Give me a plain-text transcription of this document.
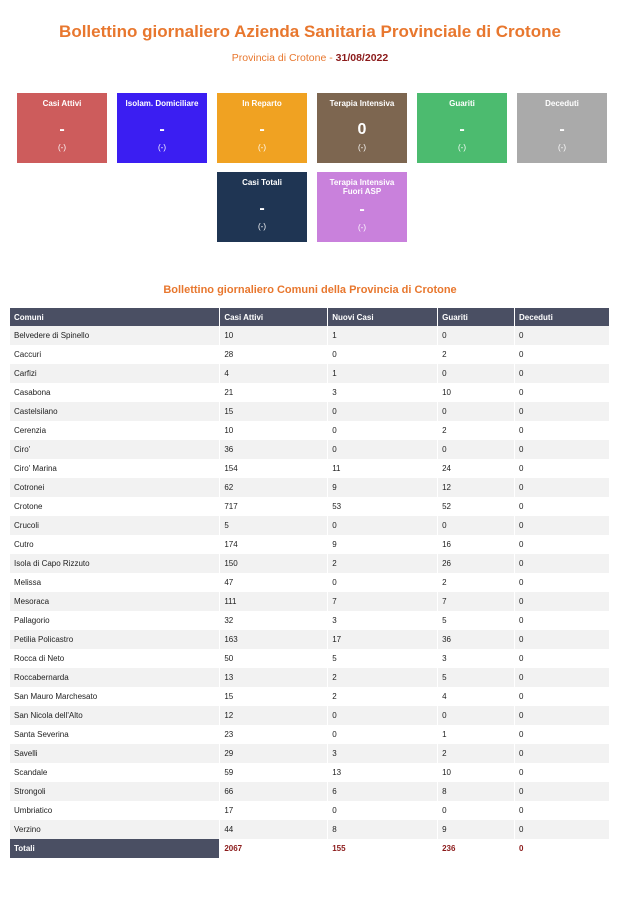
Bollettino giornaliero Azienda Sanitaria Provinciale di Crotone
Provincia di Crotone - 31/08/2022
Casi Attivi
-
(-)
Isolam. Domiciliare
-
(-)
In Reparto
-
(-)
Terapia Intensiva
0
(-)
Guariti
-
(-)
Deceduti
-
(-)
Casi Totali
-
(-)
Terapia Intensiva Fuori ASP
-
(-)
Bollettino giornaliero Comuni della Provincia di Crotone
Comuni	Casi Attivi	Nuovi Casi	Guariti	Deceduti
Belvedere di Spinello	10	1	0	0
Caccuri	28	0	2	0
Carfizi	4	1	0	0
Casabona	21	3	10	0
Castelsilano	15	0	0	0
Cerenzia	10	0	2	0
Ciro'	36	0	0	0
Ciro' Marina	154	11	24	0
Cotronei	62	9	12	0
Crotone	717	53	52	0
Crucoli	5	0	0	0
Cutro	174	9	16	0
Isola di Capo Rizzuto	150	2	26	0
Melissa	47	0	2	0
Mesoraca	111	7	7	0
Pallagorio	32	3	5	0
Petilia Policastro	163	17	36	0
Rocca di Neto	50	5	3	0
Roccabernarda	13	2	5	0
San Mauro Marchesato	15	2	4	0
San Nicola dell'Alto	12	0	0	0
Santa Severina	23	0	1	0
Savelli	29	3	2	0
Scandale	59	13	10	0
Strongoli	66	6	8	0
Umbriatico	17	0	0	0
Verzino	44	8	9	0
Totali	2067	155	236	0
